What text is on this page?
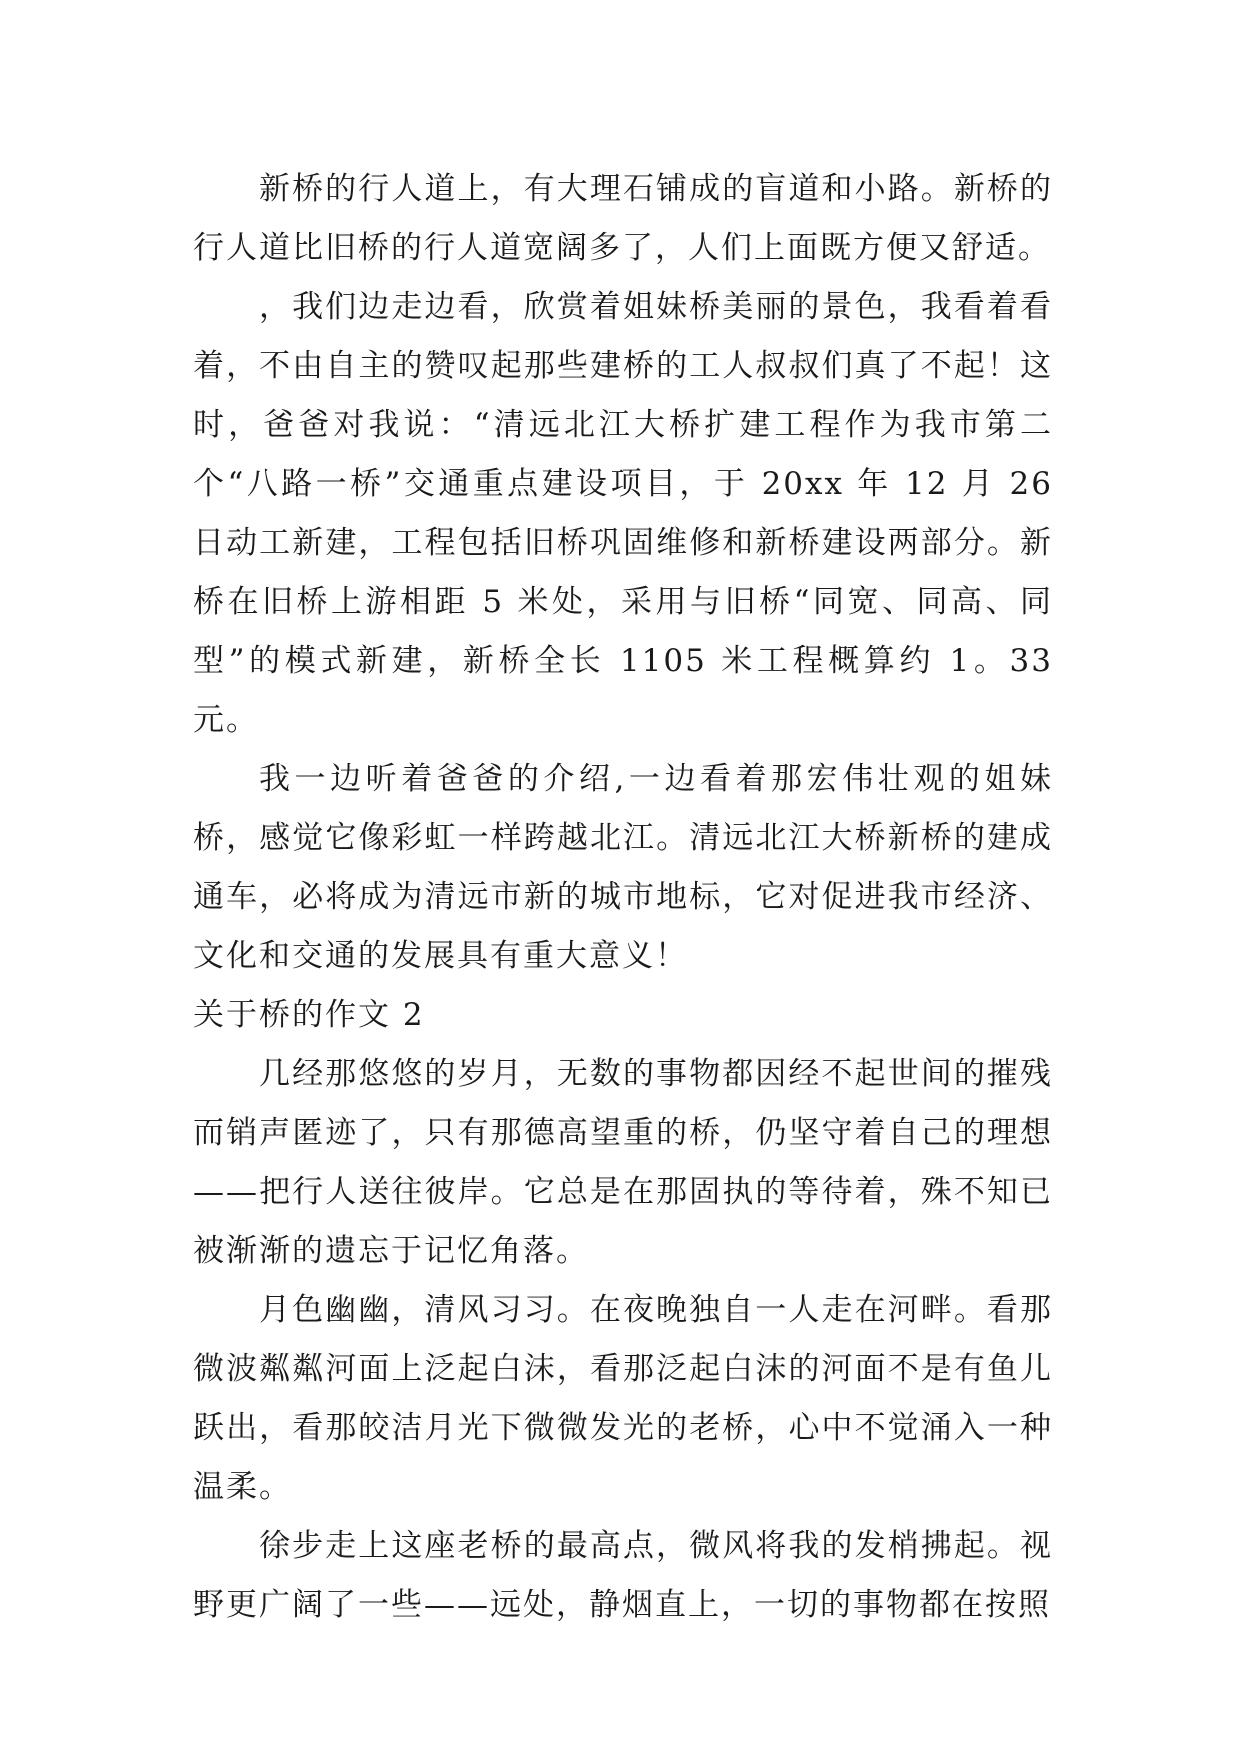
新桥的行人道上，有大理石铺成的盲道和小路。新桥的行人道比旧桥的行人道宽阔多了，人们上面既方便又舒适。

，我们边走边看，欣赏着姐妹桥美丽的景色，我看着看着，不由自主的赞叹起那些建桥的工人叔叔们真了不起！这时，爸爸对我说：“清远北江大桥扩建工程作为我市第二个“八路一桥”交通重点建设项目，于 20xx 年 12 月 26 日动工新建，工程包括旧桥巩固维修和新桥建设两部分。新桥在旧桥上游相距 5 米处，采用与旧桥“同宽、同高、同型”的模式新建，新桥全长 1105 米工程概算约 1。33 元。

我一边听着爸爸的介绍,一边看着那宏伟壮观的姐妹桥，感觉它像彩虹一样跨越北江。清远北江大桥新桥的建成通车，必将成为清远市新的城市地标，它对促进我市经济、文化和交通的发展具有重大意义！

关于桥的作文 2

几经那悠悠的岁月，无数的事物都因经不起世间的摧残而销声匿迹了，只有那德高望重的桥，仍坚守着自己的理想——把行人送往彼岸。它总是在那固执的等待着，殊不知已被渐渐的遗忘于记忆角落。

月色幽幽，清风习习。在夜晚独自一人走在河畔。看那微波粼粼河面上泛起白沫，看那泛起白沫的河面不是有鱼儿跃出，看那皎洁月光下微微发光的老桥，心中不觉涌入一种温柔。

徐步走上这座老桥的最高点，微风将我的发梢拂起。视野更广阔了一些——远处，静烟直上，一切的事物都在按照
